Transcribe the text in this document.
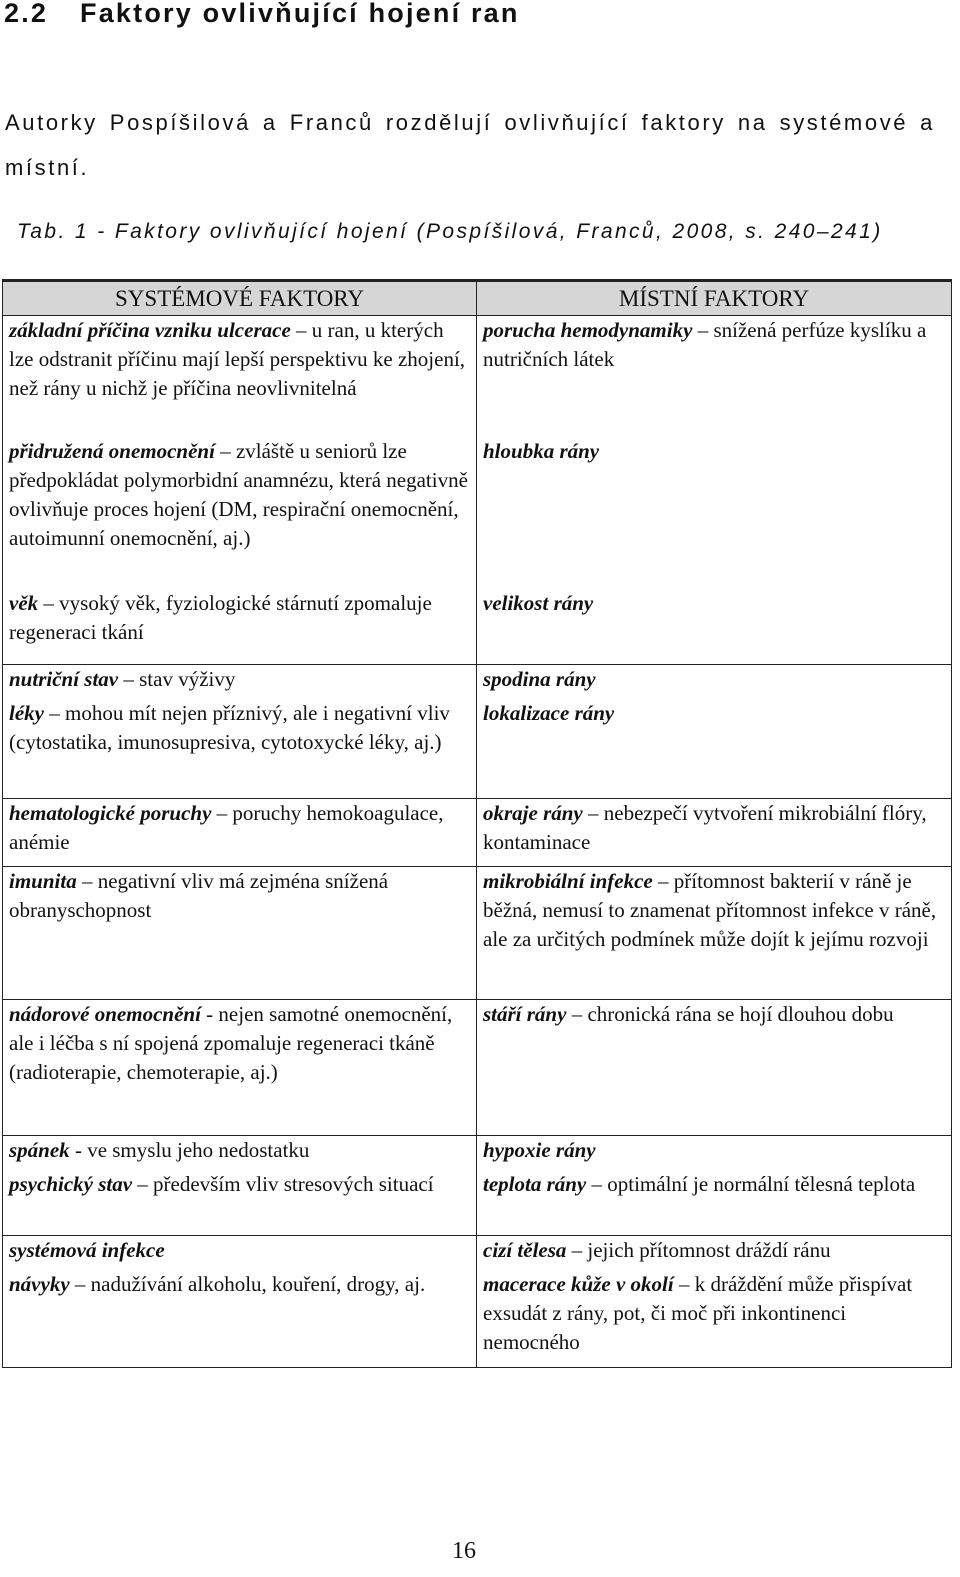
2.2 Faktory ovlivňující hojení ran

Autorky Pospíšilová a Franců rozdělují ovlivňující faktory na systémové a místní.

Tab. 1 - Faktory ovlivňující hojení (Pospíšilová, Franců, 2008, s. 240–241)

SYSTÉMOVÉ FAKTORY	MÍSTNÍ FAKTORY
základní příčina vzniku ulcerace – u ran, u kterých lze odstranit příčinu mají lepší perspektivu ke zhojení, než rány u nichž je příčina neovlivnitelná	porucha hemodynamiky – snížená perfúze kyslíku a nutričních látek
přidružená onemocnění – zvláště u seniorů lze předpokládat polymorbidní anamnézu, která negativně ovlivňuje proces hojení (DM, respirační onemocnění, autoimunní onemocnění, aj.)	hloubka rány
věk – vysoký věk, fyziologické stárnutí zpomaluje regeneraci tkání	velikost rány
nutriční stav – stav výživy	spodina rány
léky – mohou mít nejen příznivý, ale i negativní vliv (cytostatika, imunosupresiva, cytotoxycké léky, aj.)	lokalizace rány
hematologické poruchy – poruchy hemokoagulace, anémie	okraje rány – nebezpečí vytvoření mikrobiální flóry, kontaminace
imunita – negativní vliv má zejména snížená obranyschopnost	mikrobiální infekce – přítomnost bakterií v ráně je běžná, nemusí to znamenat přítomnost infekce v ráně, ale za určitých podmínek může dojít k jejímu rozvoji
nádorové onemocnění - nejen samotné onemocnění, ale i léčba s ní spojená zpomaluje regeneraci tkáně (radioterapie, chemoterapie, aj.)	stáří rány – chronická rána se hojí dlouhou dobu
spánek - ve smyslu jeho nedostatku	hypoxie rány
psychický stav – především vliv stresových situací	teplota rány – optimální je normální tělesná teplota
systémová infekce	cizí tělesa – jejich přítomnost dráždí ránu
návyky – nadužívání alkoholu, kouření, drogy, aj.	macerace kůže v okolí – k dráždění může přispívat exsudát z rány, pot, či moč při inkontinenci nemocného

16
